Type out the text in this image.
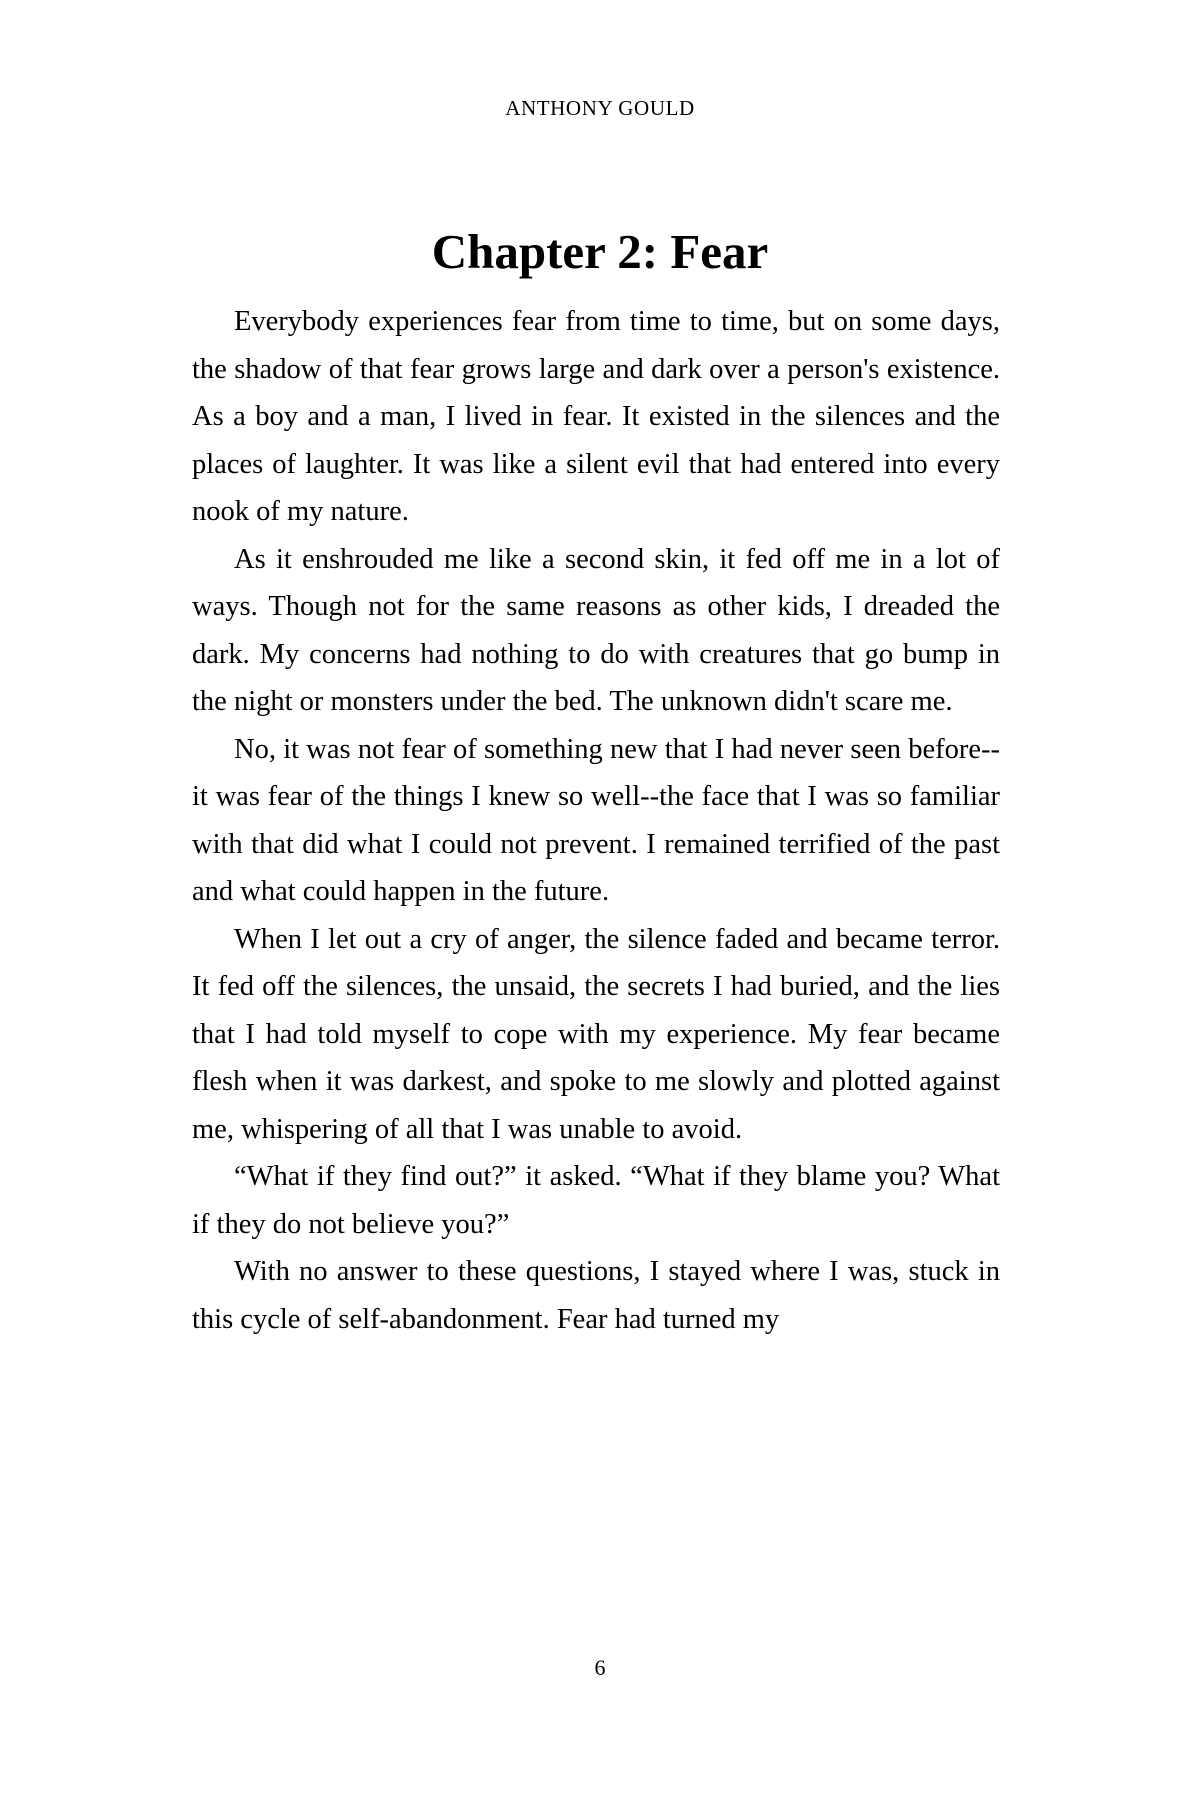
ANTHONY GOULD
Chapter 2: Fear

Everybody experiences fear from time to time, but on some days, the shadow of that fear grows large and dark over a person's existence. As a boy and a man, I lived in fear. It existed in the silences and the places of laughter. It was like a silent evil that had entered into every nook of my nature.

As it enshrouded me like a second skin, it fed off me in a lot of ways. Though not for the same reasons as other kids, I dreaded the dark. My concerns had nothing to do with creatures that go bump in the night or monsters under the bed. The unknown didn't scare me.

No, it was not fear of something new that I had never seen before--it was fear of the things I knew so well--the face that I was so familiar with that did what I could not prevent. I remained terrified of the past and what could happen in the future.

When I let out a cry of anger, the silence faded and became terror. It fed off the silences, the unsaid, the secrets I had buried, and the lies that I had told myself to cope with my experience. My fear became flesh when it was darkest, and spoke to me slowly and plotted against me, whispering of all that I was unable to avoid.

“What if they find out?” it asked. “What if they blame you? What if they do not believe you?”

With no answer to these questions, I stayed where I was, stuck in this cycle of self-abandonment. Fear had turned my

6
